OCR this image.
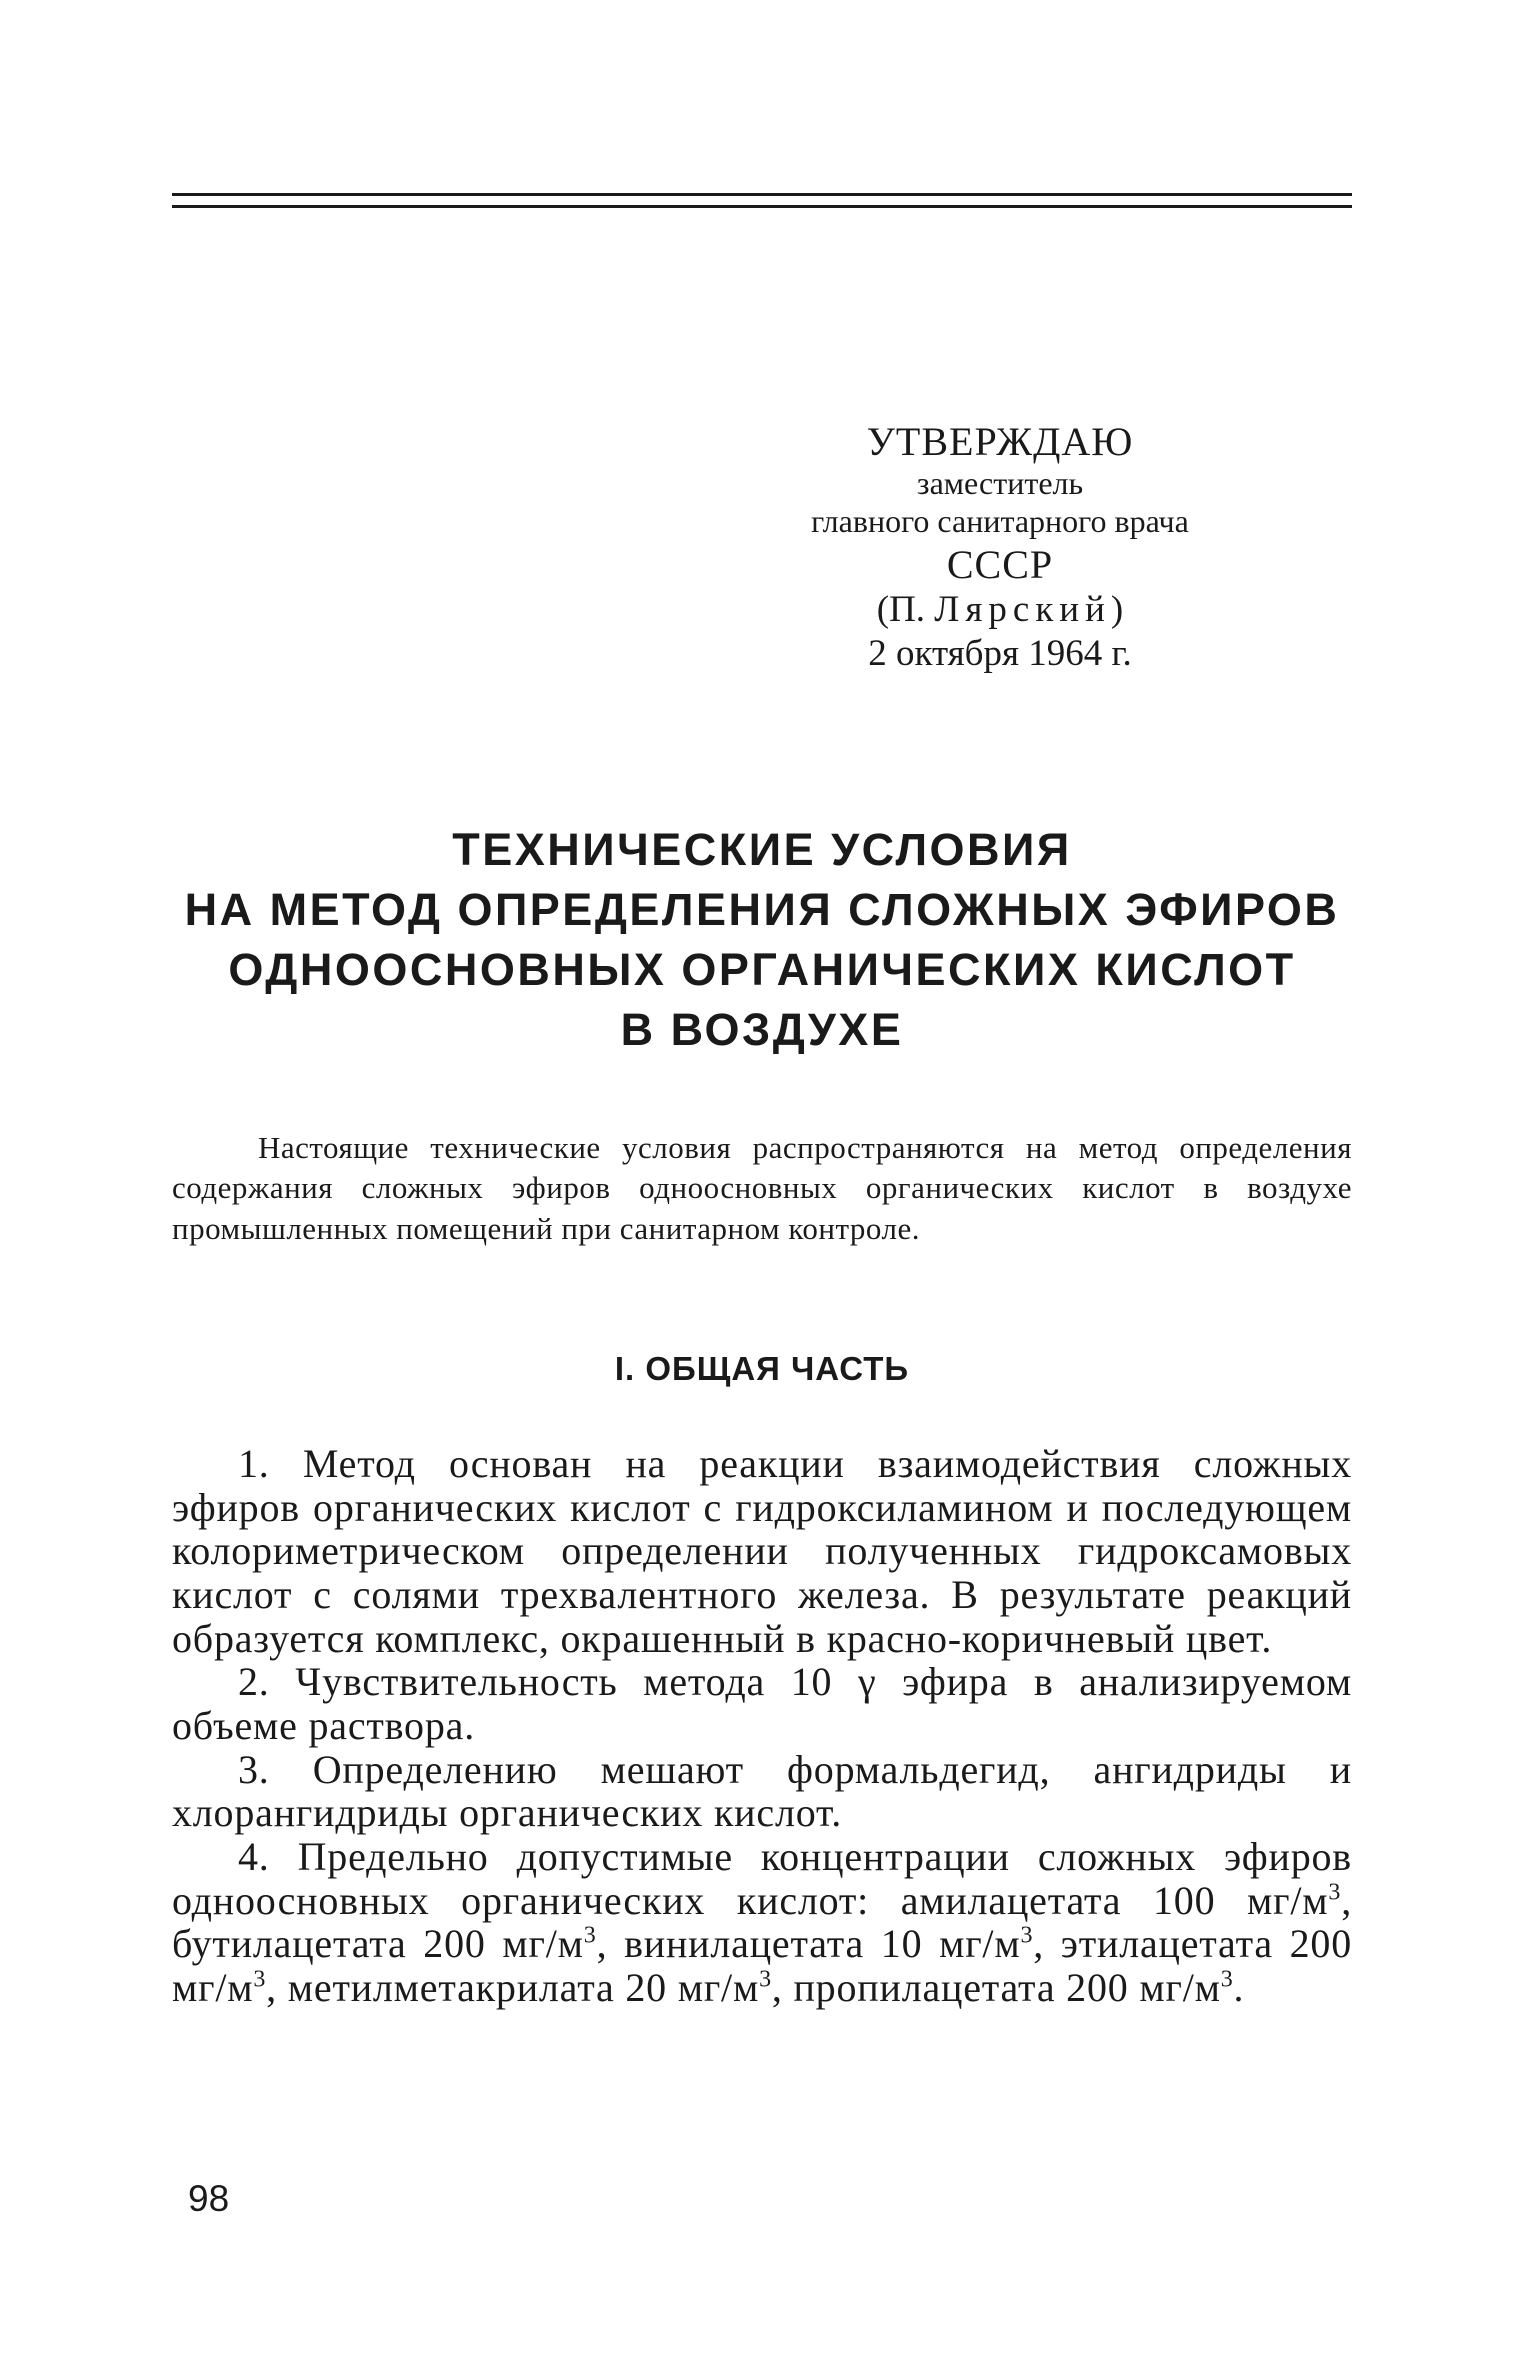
УТВЕРЖДАЮ
заместитель
главного санитарного врача
СССР
(П. Лярский)
2 октября 1964 г.
ТЕХНИЧЕСКИЕ УСЛОВИЯ
НА МЕТОД ОПРЕДЕЛЕНИЯ СЛОЖНЫХ ЭФИРОВ
ОДНООСНОВНЫХ ОРГАНИЧЕСКИХ КИСЛОТ
В ВОЗДУХЕ
Настоящие технические условия распространяются на метод определения содержания сложных эфиров одноосновных органических кислот в воздухе промышленных помещений при санитарном контроле.
I. ОБЩАЯ ЧАСТЬ

1. Метод основан на реакции взаимодействия сложных эфиров органических кислот с гидроксиламином и последующем колориметрическом определении полученных гидроксамовых кислот с солями трехвалентного железа. В результате реакций образуется комплекс, окрашенный в красно-коричневый цвет.

2. Чувствительность метода 10 γ эфира в анализируемом объеме раствора.

3. Определению мешают формальдегид, ангидриды и хлорангидриды органических кислот.

4. Предельно допустимые концентрации сложных эфиров одноосновных органических кислот: амилацетата 100 $мг/м^3$, бутилацетата 200 $мг/м^3$, винилацетата 10 $мг/м^3$, этилацетата 200 $мг/м^3$, метилметакрилата 20 $мг/м^3$, пропилацетата 200 $мг/м^3$.

98
